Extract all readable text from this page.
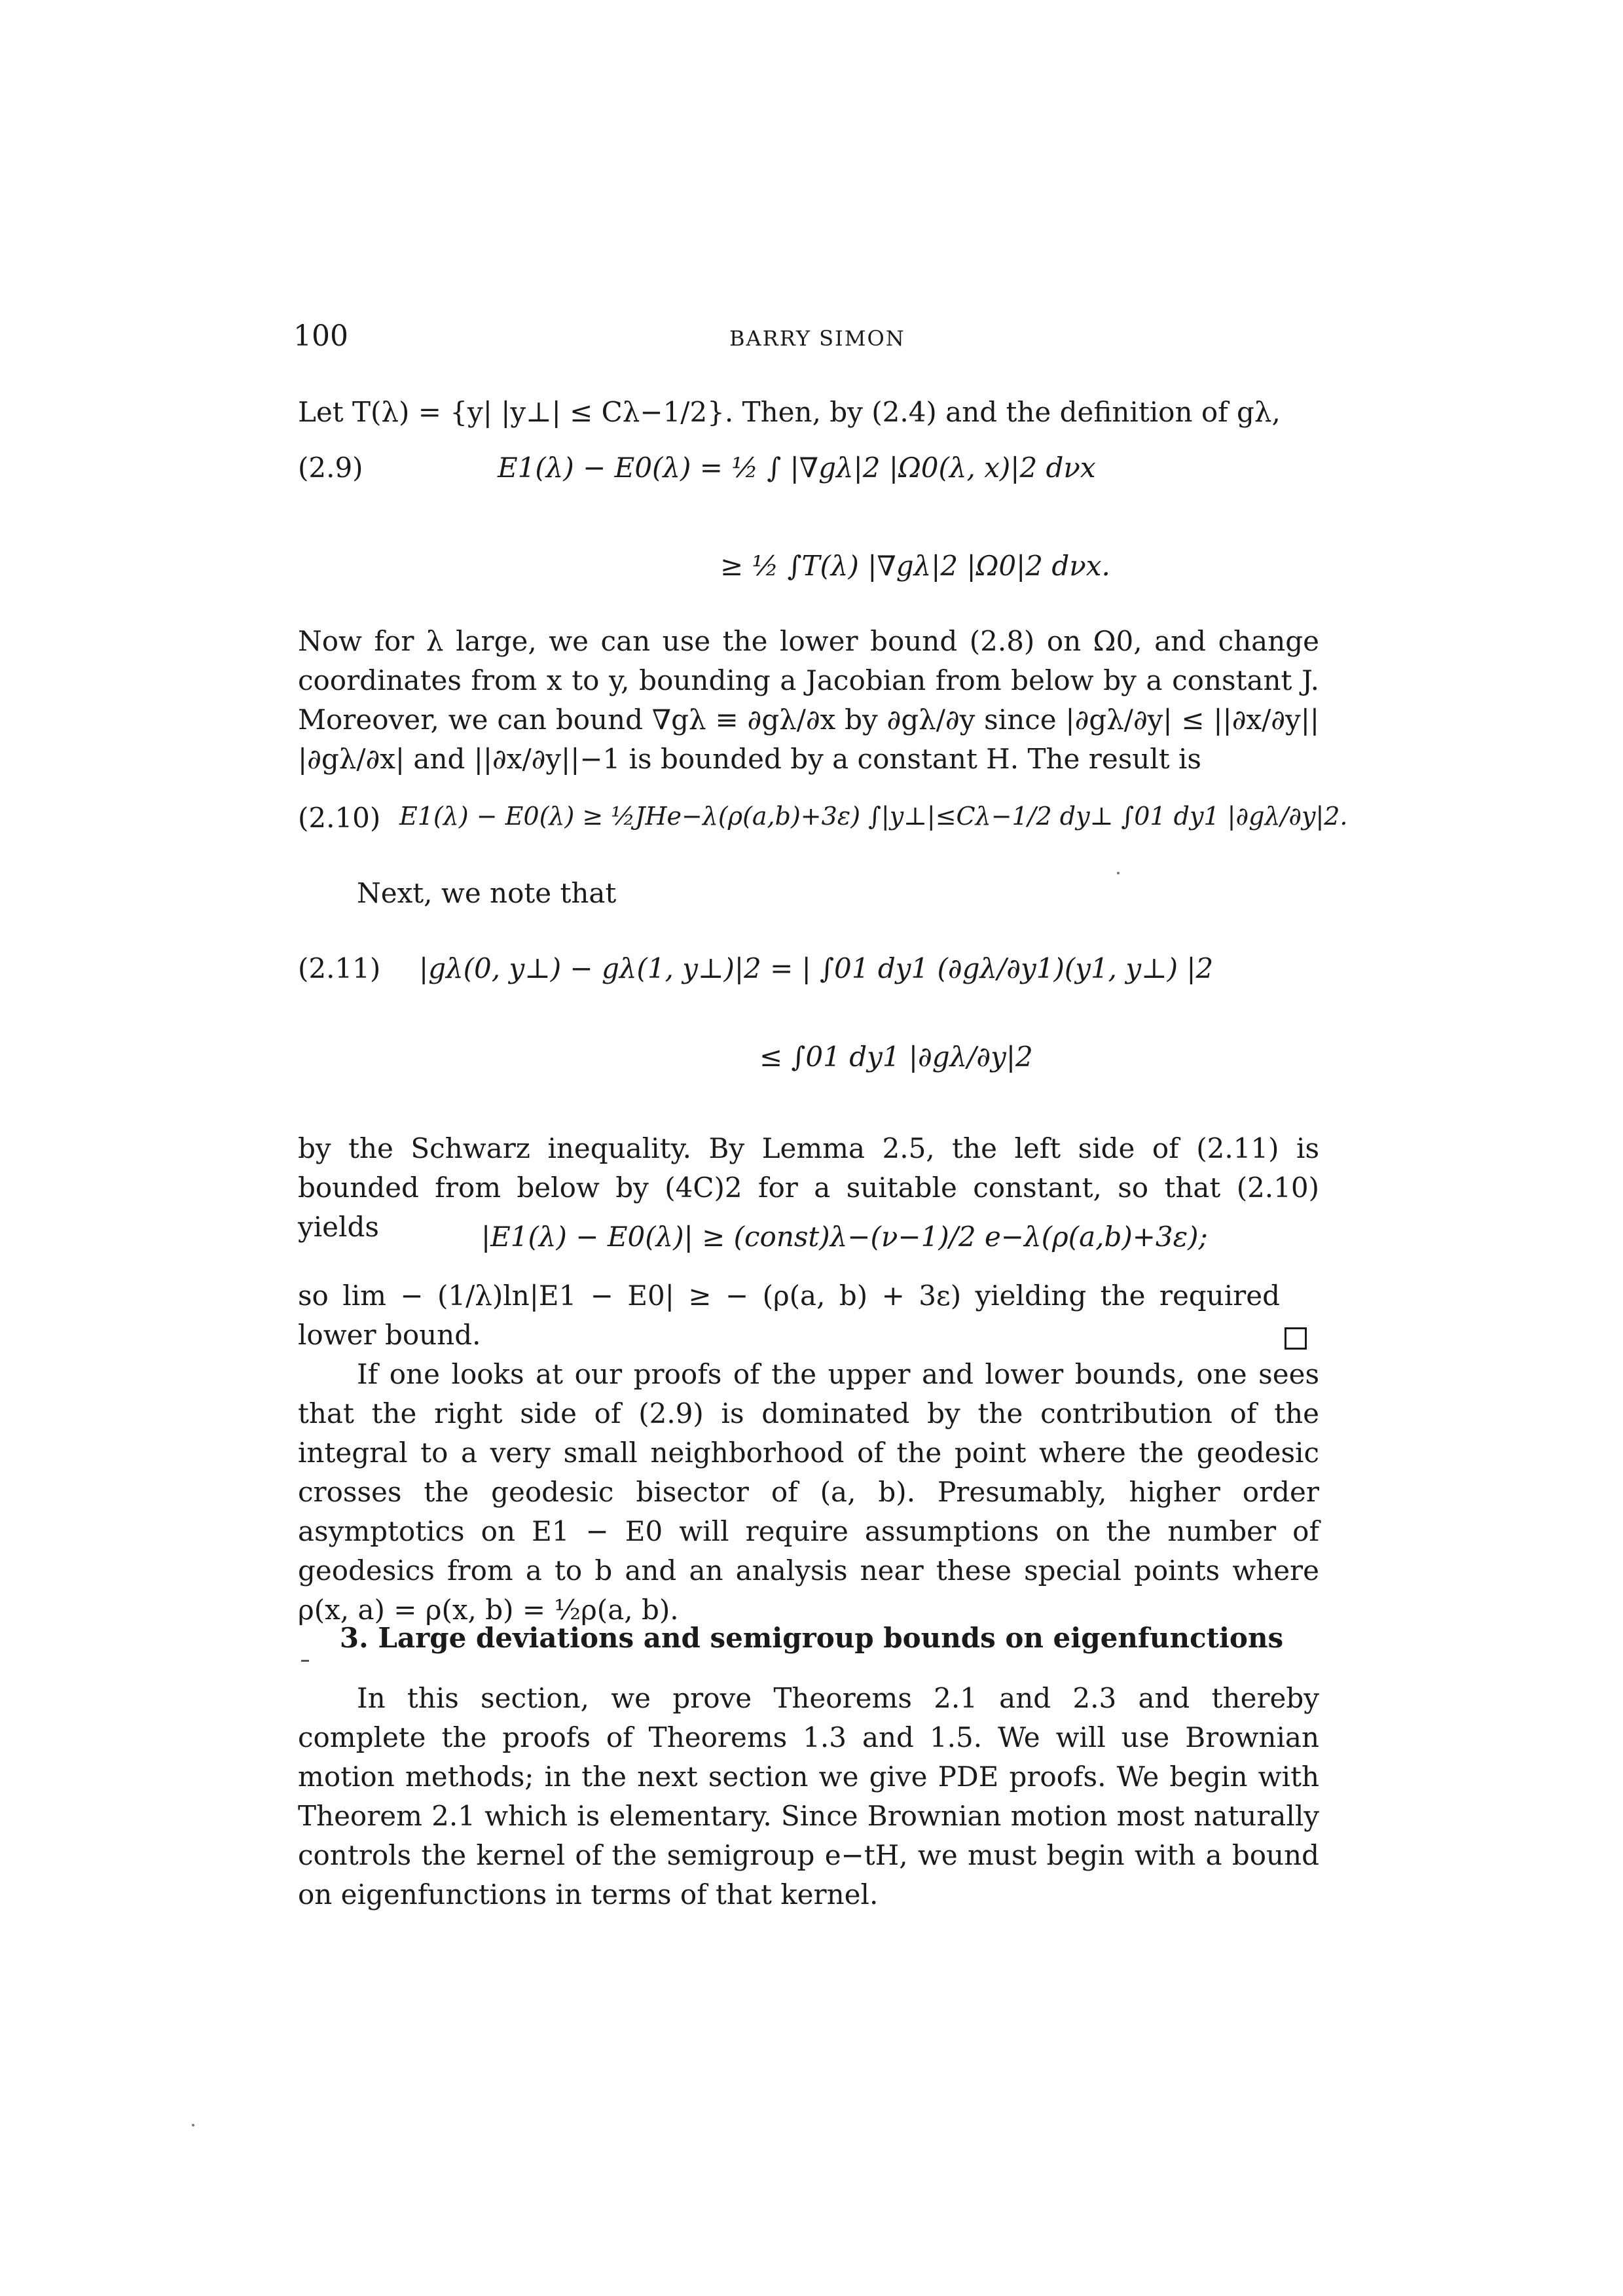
100	BARRY SIMON
Let T(λ) = {y| |y⊥| ≤ Cλ−1/2}. Then, by (2.4) and the definition of gλ,
(2.9)	E1(λ) − E0(λ) = ½ ∫ |∇gλ|2 |Ω0(λ, x)|2 dνx
≥ ½ ∫T(λ) |∇gλ|2 |Ω0|2 dνx.
Now for λ large, we can use the lower bound (2.8) on Ω0, and change coordinates from x to y, bounding a Jacobian from below by a constant J. Moreover, we can bound ∇gλ ≡ ∂gλ/∂x by ∂gλ/∂y since |∂gλ/∂y| ≤ ||∂x/∂y|| |∂gλ/∂x| and ||∂x/∂y||−1 is bounded by a constant H. The result is
(2.10) E1(λ) − E0(λ) ≥ ½JHe−λ(ρ(a,b)+3ε) ∫|y⊥|≤Cλ−1/2 dy⊥ ∫01 dy1 |∂gλ/∂y|2.
Next, we note that
(2.11) |gλ(0, y⊥) − gλ(1, y⊥)|2 = | ∫01 dy1 (∂gλ/∂y1)(y1, y⊥) |2
≤ ∫01 dy1 |∂gλ/∂y|2
by the Schwarz inequality. By Lemma 2.5, the left side of (2.11) is bounded from below by (4C)2 for a suitable constant, so that (2.10) yields	|E1(λ) − E0(λ)| ≥ (const)λ−(ν−1)/2 e−λ(ρ(a,b)+3ε);
so lim − (1/λ)ln|E1 − E0| ≥ − (ρ(a, b) + 3ε) yielding the required lower bound.
If one looks at our proofs of the upper and lower bounds, one sees that the right side of (2.9) is dominated by the contribution of the integral to a very small neighborhood of the point where the geodesic crosses the geodesic bisector of (a, b). Presumably, higher order asymptotics on E1 − E0 will require assumptions on the number of geodesics from a to b and an analysis near these special points where ρ(x, a) = ρ(x, b) = ½ρ(a, b).
3. Large deviations and semigroup bounds on eigenfunctions
In this section, we prove Theorems 2.1 and 2.3 and thereby complete the proofs of Theorems 1.3 and 1.5. We will use Brownian motion methods; in the next section we give PDE proofs. We begin with Theorem 2.1 which is elementary. Since Brownian motion most naturally controls the kernel of the semigroup e−tH, we must begin with a bound on eigenfunctions in terms of that kernel.
